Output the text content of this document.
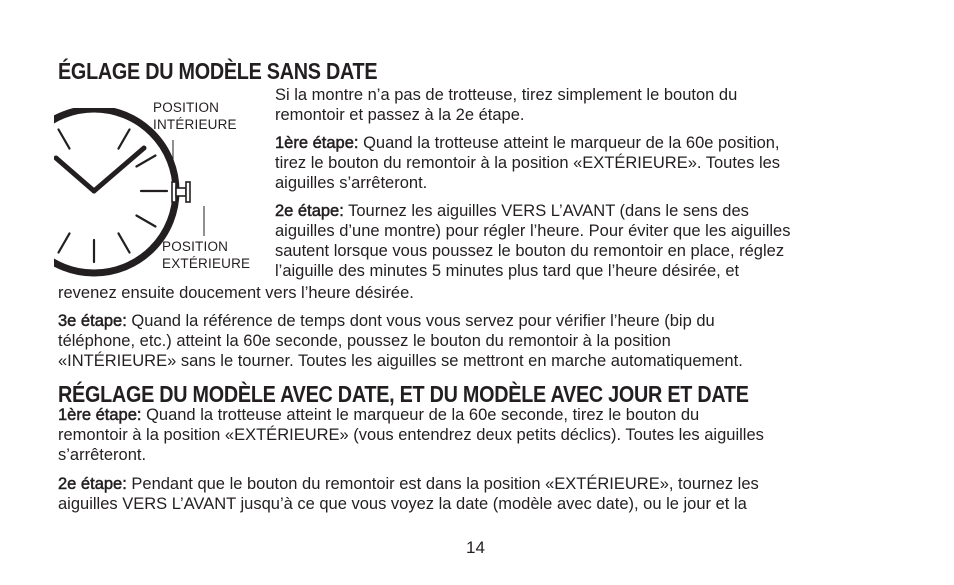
ÉGLAGE DU MODÈLE SANS DATE
POSITION
INTÉRIEURE
POSITION
EXTÉRIEURE
Si la montre n’a pas de trotteuse, tirez simplement le bouton du
remontoir et passez à la 2e étape.
1ère étape: Quand la trotteuse atteint le marqueur de la 60e position,
tirez le bouton du remontoir à la position «EXTÉRIEURE». Toutes les
aiguilles s’arrêteront.
2e étape: Tournez les aiguilles VERS L’AVANT (dans le sens des
aiguilles d’une montre) pour régler l’heure. Pour éviter que les aiguilles
sautent lorsque vous poussez le bouton du remontoir en place, réglez
l’aiguille des minutes 5 minutes plus tard que l’heure désirée, et
revenez ensuite doucement vers l’heure désirée.
3e étape: Quand la référence de temps dont vous vous servez pour vérifier l’heure (bip du
téléphone, etc.) atteint la 60e seconde, poussez le bouton du remontoir à la position
«INTÉRIEURE» sans le tourner. Toutes les aiguilles se mettront en marche automatiquement.
RÉGLAGE DU MODÈLE AVEC DATE, ET DU MODÈLE AVEC JOUR ET DATE
1ère étape: Quand la trotteuse atteint le marqueur de la 60e seconde, tirez le bouton du
remontoir à la position «EXTÉRIEURE» (vous entendrez deux petits déclics). Toutes les aiguilles
s’arrêteront.
2e étape: Pendant que le bouton du remontoir est dans la position «EXTÉRIEURE», tournez les
aiguilles VERS L’AVANT jusqu’à ce que vous voyez la date (modèle avec date), ou le jour et la
14
